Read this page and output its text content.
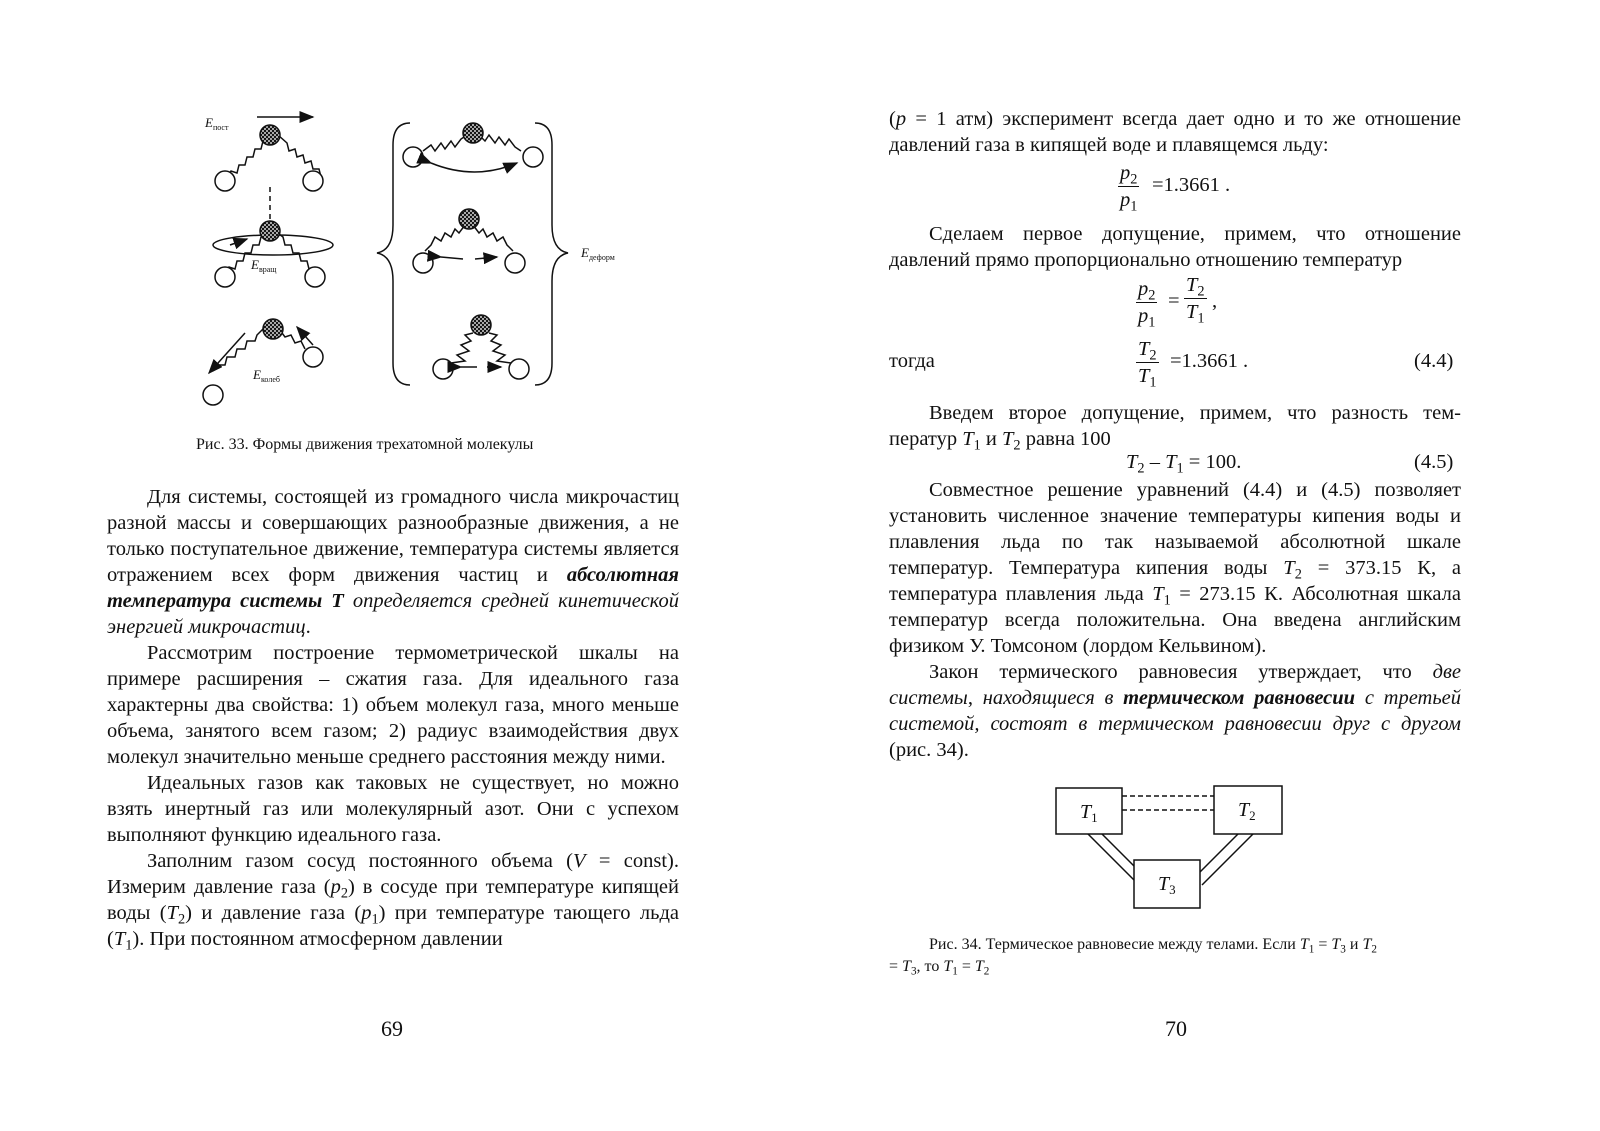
$E_{пост}$
$E_{вращ}$
$E_{колеб}$
$E_{деформ}$
Рис. 33. Формы движения трехатомной молекулы

Для системы, состоящей из громадного числа микрочастиц разной массы и совершающих разнообразные движения, а не только поступательное движение, температура системы является отражением всех форм движения частиц и абсолютная температура системы T определяется средней кинетической энергией микрочастиц.

Рассмотрим построение термометрической шкалы на примере расширения – сжатия газа. Для идеального газа характерны два свойства: 1) объем молекул газа, много меньше объема, занятого всем газом; 2) радиус взаимодействия двух молекул значительно меньше среднего расстояния между ними.

Идеальных газов как таковых не существует, но можно взять инертный газ или молекулярный азот. Они с успехом выполняют функцию идеального газа.

Заполним газом сосуд постоянного объема (V = const). Измерим давление газа $(p_2)$ в сосуде при температуре кипящей воды $(T_2)$ и давление газа $(p_1)$ при температуре тающего льда $(T_1)$. При постоянном атмосферном давлении

69

(p = 1 атм) эксперимент всегда дает одно и то же отношение давлений газа в кипящей воде и плавящемся льду:

$p_2$
$p_1$
=1.3661 .

Сделаем первое допущение, примем, что отношение давлений прямо пропорционально отношению температур

$p_2$
$p_1$
=
$T_2$
$T_1$
,
тогда
$T_2$
$T_1$
=1.3661 .	(4.4)

Введем второе допущение, примем, что разность температур $T_1$ и $T_2$ равна 100

$T_2 - T_1 = 100$.	(4.5)

Совместное решение уравнений (4.4) и (4.5) позволяет установить численное значение температуры кипения воды и плавления льда по так называемой абсолютной шкале температур. Температура кипения воды $T_2 = 373.15$ К, а температура плавления льда $T_1 = 273.15$ К. Абсолютная шкала температур всегда положительна. Она введена английским физиком У. Томсоном (лордом Кельвином).

Закон термического равновесия утверждает, что две системы, находящиеся в термическом равновесии с третьей системой, состоят в термическом равновесии друг с другом (рис. 34).

$T_1$	$T_2$
$T_3$
Рис. 34. Термическое равновесие между телами. Если $T_1 = T_3$ и $T_2$
= $T_3$, то $T_1 = T_2$
70
